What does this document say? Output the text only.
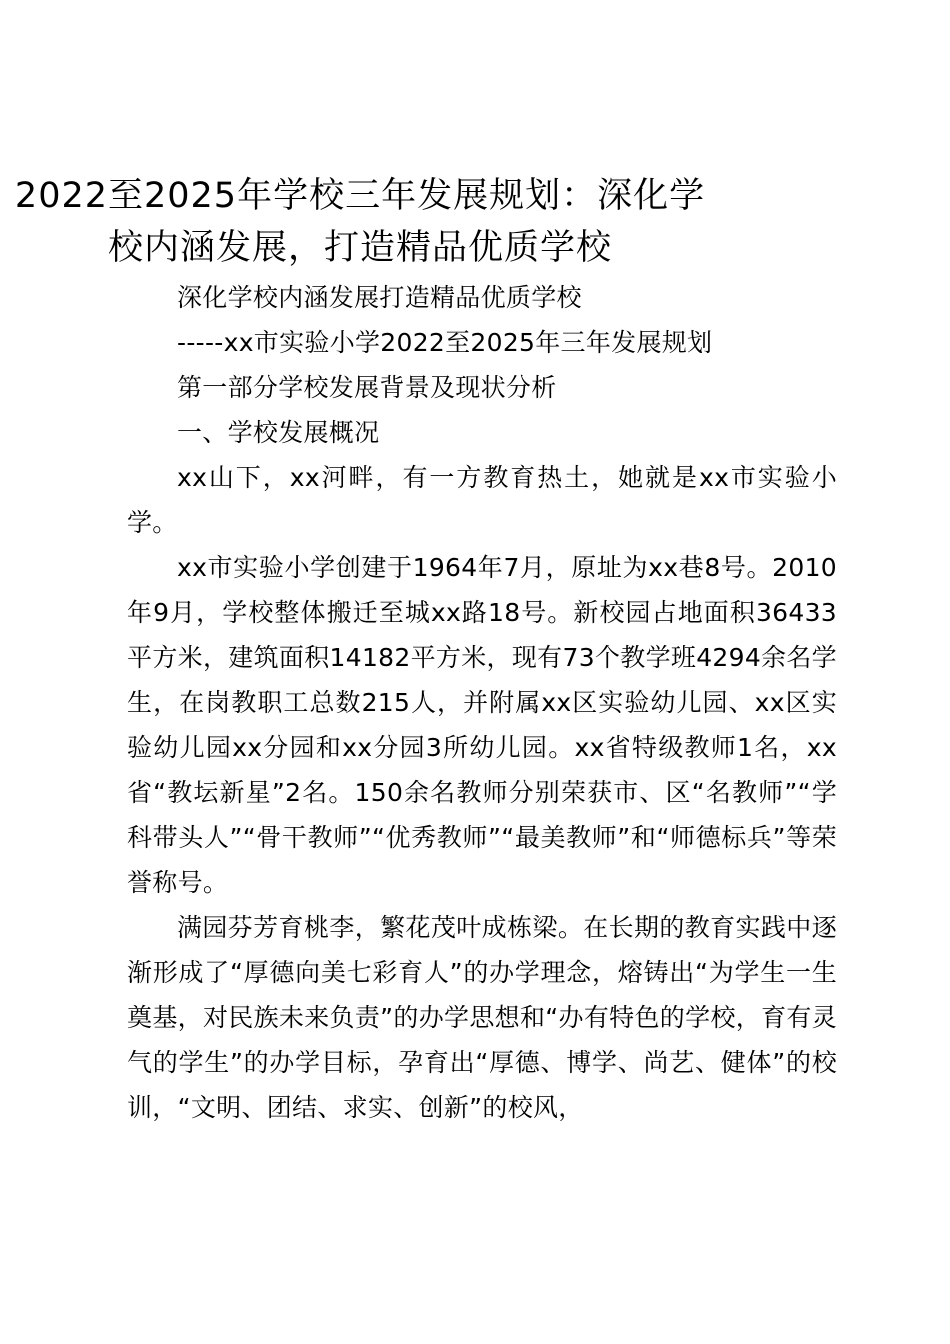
2022至2025年学校三年发展规划：深化学校内涵发展，打造精品优质学校

深化学校内涵发展打造精品优质学校

-----xx市实验小学2022至2025年三年发展规划

第一部分学校发展背景及现状分析

一、学校发展概况

xx山下，xx河畔，有一方教育热土，她就是xx市实验小学。

xx市实验小学创建于1964年7月，原址为xx巷8号。2010年9月，学校整体搬迁至城xx路18号。新校园占地面积36433平方米，建筑面积14182平方米，现有73个教学班4294余名学生，在岗教职工总数215人，并附属xx区实验幼儿园、xx区实验幼儿园xx分园和xx分园3所幼儿园。xx省特级教师1名，xx省“教坛新星”2名。150余名教师分别荣获市、区“名教师”“学科带头人”“骨干教师”“优秀教师”“最美教师”和“师德标兵”等荣誉称号。

满园芬芳育桃李，繁花茂叶成栋梁。在长期的教育实践中逐渐形成了“厚德向美七彩育人”的办学理念，熔铸出“为学生一生奠基，对民族未来负责”的办学思想和“办有特色的学校，育有灵气的学生”的办学目标，孕育出“厚德、博学、尚艺、健体”的校训，“文明、团结、求实、创新”的校风，
